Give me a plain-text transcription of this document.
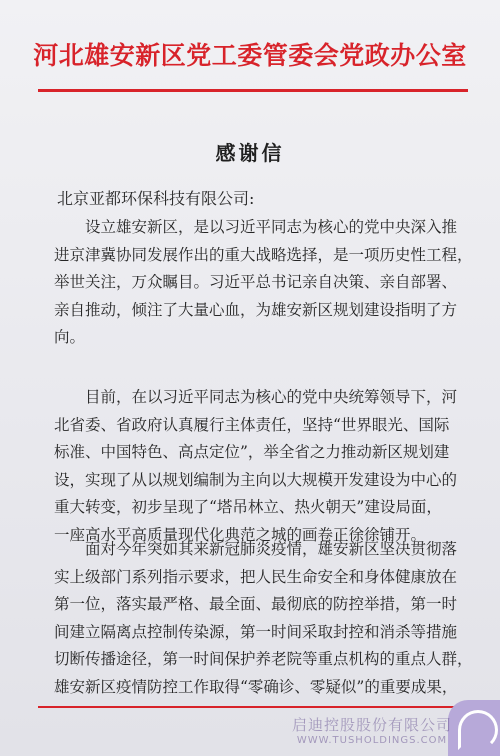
河北雄安新区党工委管委会党政办公室
感谢信
北京亚都环保科技有限公司:
　　设立雄安新区，是以习近平同志为核心的党中央深入推
进京津冀协同发展作出的重大战略选择，是一项历史性工程，
举世关注，万众瞩目。习近平总书记亲自决策、亲自部署、
亲自推动，倾注了大量心血，为雄安新区规划建设指明了方
向。
　　目前，在以习近平同志为核心的党中央统筹领导下，河
北省委、省政府认真履行主体责任，坚持“世界眼光、国际
标准、中国特色、高点定位”，举全省之力推动新区规划建
设，实现了从以规划编制为主向以大规模开发建设为中心的
重大转变，初步呈现了“塔吊林立、热火朝天”建设局面，
一座高水平高质量现代化典范之城的画卷正徐徐铺开。
　　面对今年突如其来新冠肺炎疫情，雄安新区坚决贯彻落
实上级部门系列指示要求，把人民生命安全和身体健康放在
第一位，落实最严格、最全面、最彻底的防控举措，第一时
间建立隔离点控制传染源，第一时间采取封控和消杀等措施
切断传播途径，第一时间保护养老院等重点机构的重点人群，
雄安新区疫情防控工作取得“零确诊、零疑似”的重要成果，
启迪控股股份有限公司
WWW.TUSHOLDINGS.COM
